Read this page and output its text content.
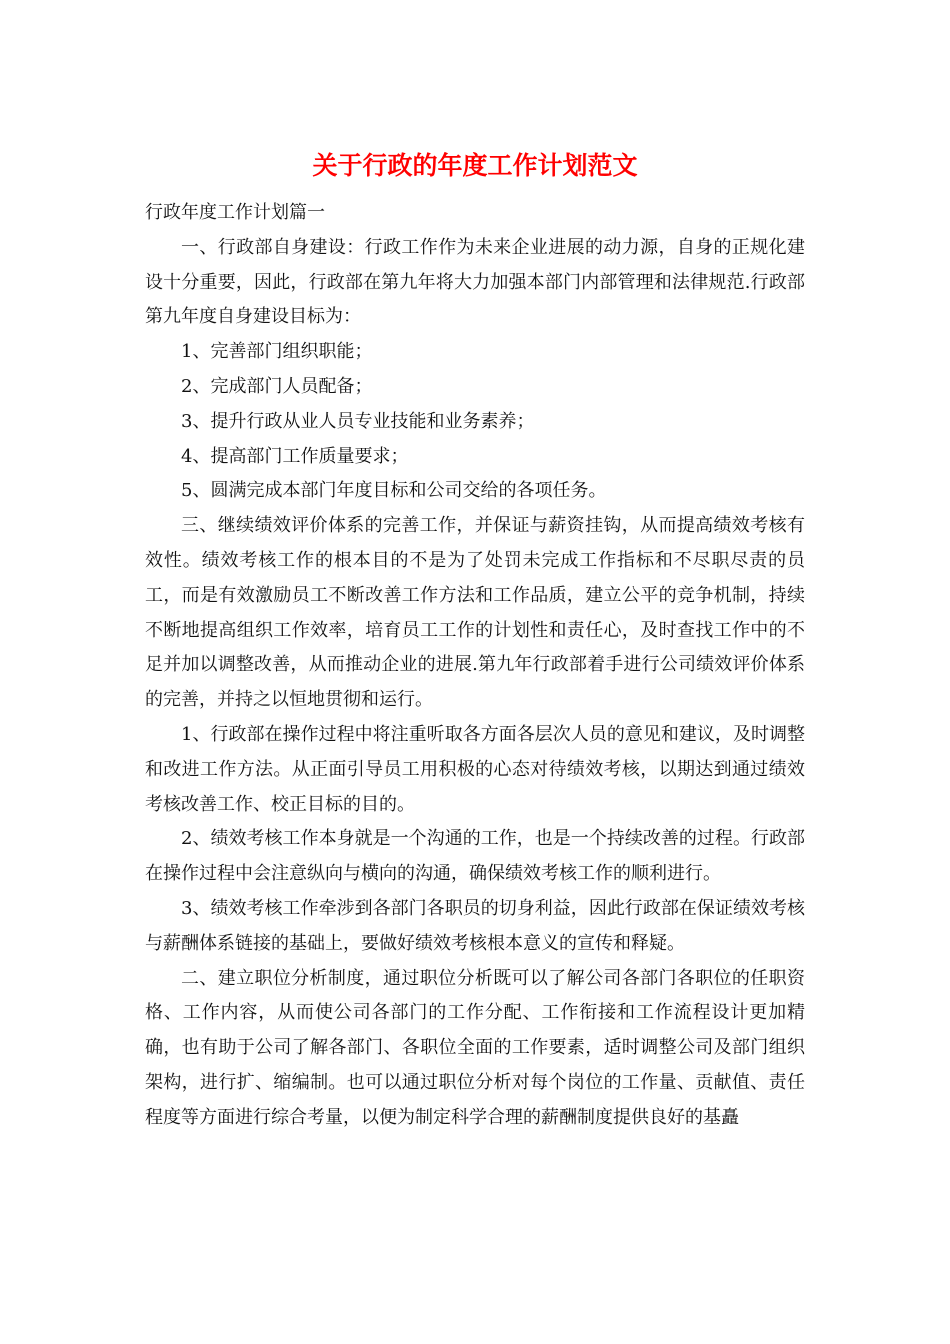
关于行政的年度工作计划范文

行政年度工作计划篇一

一、行政部自身建设：行政工作作为未来企业进展的动力源，自身的正规化建设十分重要，因此，行政部在第九年将大力加强本部门内部管理和法律规范.行政部第九年度自身建设目标为：

1、完善部门组织职能；

2、完成部门人员配备；

3、提升行政从业人员专业技能和业务素养；

4、提高部门工作质量要求；

5、圆满完成本部门年度目标和公司交给的各项任务。

三、继续绩效评价体系的完善工作，并保证与薪资挂钩，从而提高绩效考核有效性。绩效考核工作的根本目的不是为了处罚未完成工作指标和不尽职尽责的员工，而是有效激励员工不断改善工作方法和工作品质，建立公平的竞争机制，持续不断地提高组织工作效率，培育员工工作的计划性和责任心，及时查找工作中的不足并加以调整改善，从而推动企业的进展.第九年行政部着手进行公司绩效评价体系的完善，并持之以恒地贯彻和运行。

1、行政部在操作过程中将注重听取各方面各层次人员的意见和建议，及时调整和改进工作方法。从正面引导员工用积极的心态对待绩效考核，以期达到通过绩效考核改善工作、校正目标的目的。

2、绩效考核工作本身就是一个沟通的工作，也是一个持续改善的过程。行政部在操作过程中会注意纵向与横向的沟通，确保绩效考核工作的顺利进行。

3、绩效考核工作牵涉到各部门各职员的切身利益，因此行政部在保证绩效考核与薪酬体系链接的基础上，要做好绩效考核根本意义的宣传和释疑。

二、建立职位分析制度，通过职位分析既可以了解公司各部门各职位的任职资格、工作内容，从而使公司各部门的工作分配、工作衔接和工作流程设计更加精确，也有助于公司了解各部门、各职位全面的工作要素，适时调整公司及部门组织架构，进行扩、缩编制。也可以通过职位分析对每个岗位的工作量、贡献值、责任程度等方面进行综合考量，以便为制定科学合理的薪酬制度提供良好的基矗
